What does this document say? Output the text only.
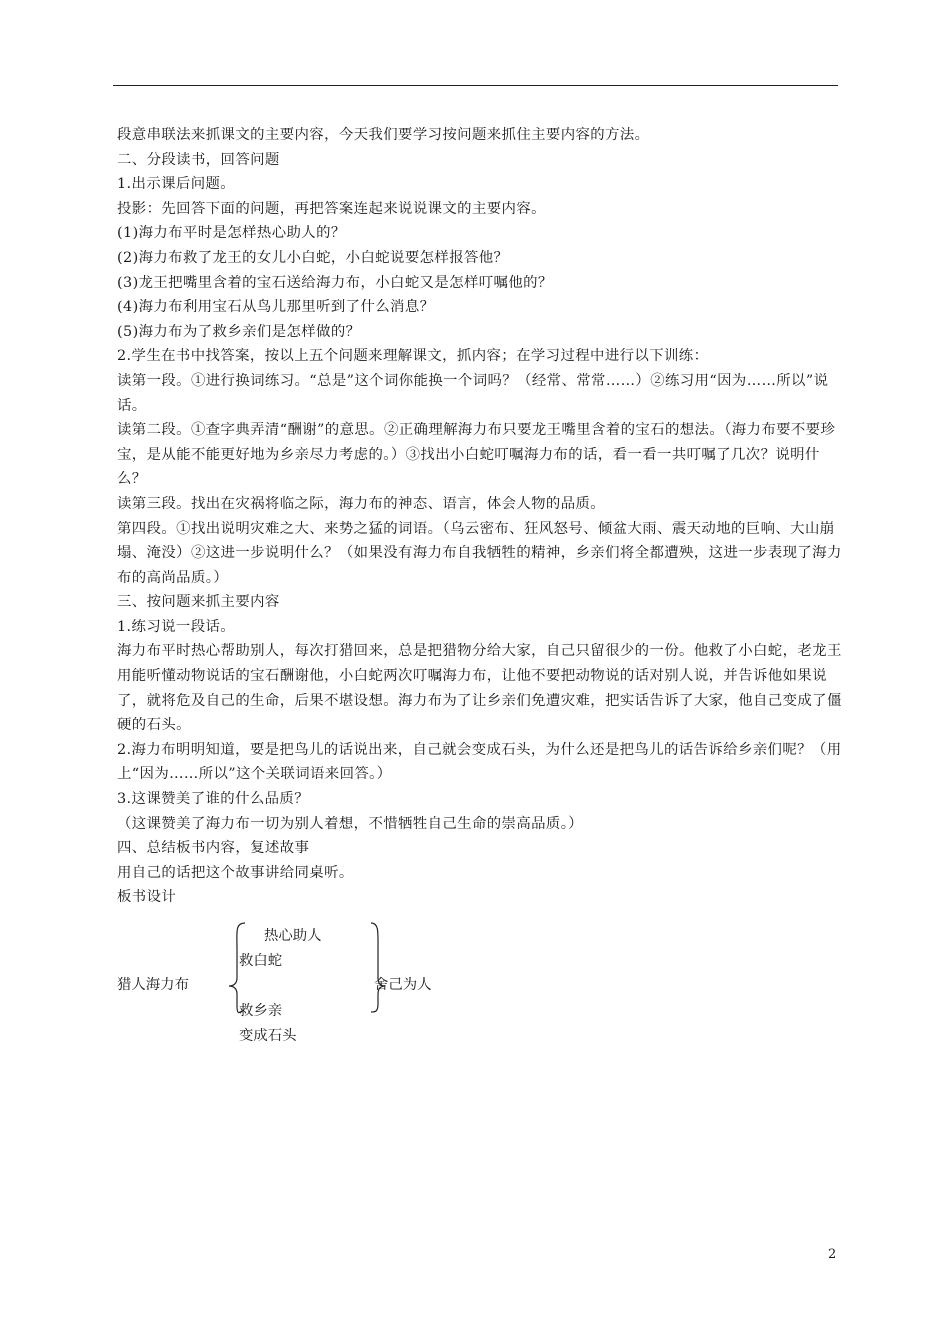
段意串联法来抓课文的主要内容，今天我们要学习按问题来抓住主要内容的方法。

二、分段读书，回答问题

1.出示课后问题。

投影：先回答下面的问题，再把答案连起来说说课文的主要内容。

(1)海力布平时是怎样热心助人的？

(2)海力布救了龙王的女儿小白蛇，小白蛇说要怎样报答他？

(3)龙王把嘴里含着的宝石送给海力布，小白蛇又是怎样叮嘱他的？

(4)海力布利用宝石从鸟儿那里听到了什么消息？

(5)海力布为了救乡亲们是怎样做的？

2.学生在书中找答案，按以上五个问题来理解课文，抓内容；在学习过程中进行以下训练：

读第一段。①进行换词练习。“总是”这个词你能换一个词吗？（经常、常常……）②练习用“因为……所以”说话。

读第二段。①查字典弄清“酬谢”的意思。②正确理解海力布只要龙王嘴里含着的宝石的想法。（海力布要不要珍宝，是从能不能更好地为乡亲尽力考虑的。）③找出小白蛇叮嘱海力布的话，看一看一共叮嘱了几次？说明什么？

读第三段。找出在灾祸将临之际，海力布的神态、语言，体会人物的品质。

第四段。①找出说明灾难之大、来势之猛的词语。（乌云密布、狂风怒号、倾盆大雨、震天动地的巨响、大山崩塌、淹没）②这进一步说明什么？（如果没有海力布自我牺牲的精神，乡亲们将全都遭殃，这进一步表现了海力布的高尚品质。）

三、按问题来抓主要内容

1.练习说一段话。

海力布平时热心帮助别人，每次打猎回来，总是把猎物分给大家，自己只留很少的一份。他救了小白蛇，老龙王用能听懂动物说话的宝石酬谢他，小白蛇两次叮嘱海力布，让他不要把动物说的话对别人说，并告诉他如果说了，就将危及自己的生命，后果不堪设想。海力布为了让乡亲们免遭灾难，把实话告诉了大家，他自己变成了僵硬的石头。

2.海力布明明知道，要是把鸟儿的话说出来，自己就会变成石头，为什么还是把鸟儿的话告诉给乡亲们呢？（用上“因为……所以”这个关联词语来回答。）

3.这课赞美了谁的什么品质？

（这课赞美了海力布一切为别人着想，不惜牺牲自己生命的崇高品质。）

四、总结板书内容，复述故事

用自己的话把这个故事讲给同桌听。

板书设计

猎人海力布
热心助人
救白蛇
救乡亲
变成石头
舍己为人
2
